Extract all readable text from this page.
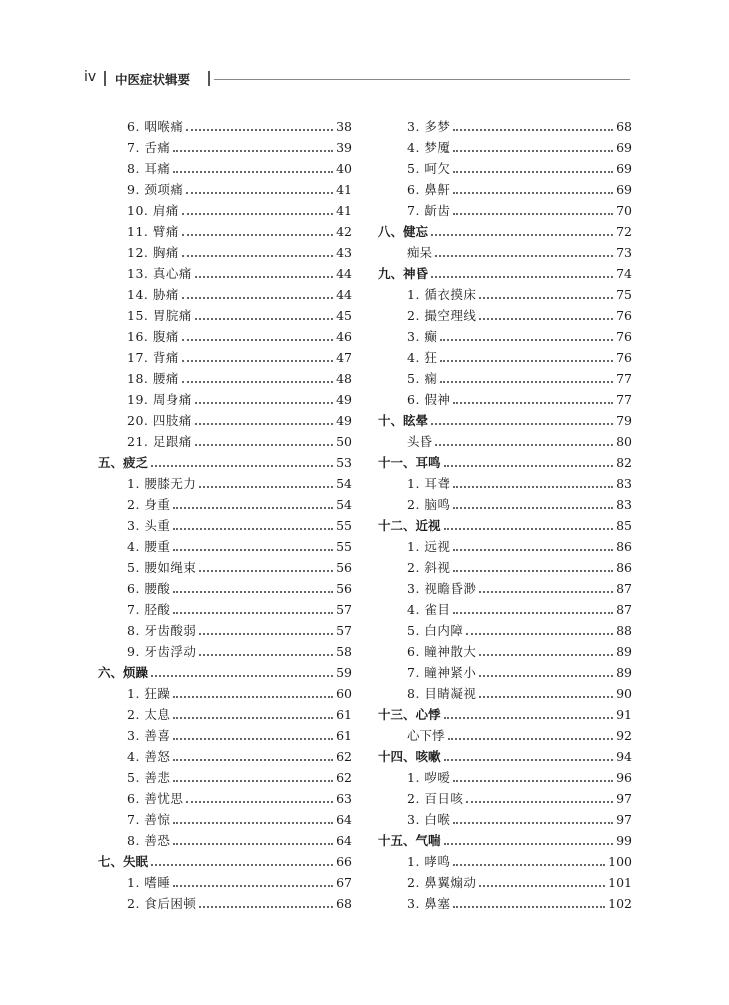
iv 中医症状辑要
6. 咽喉痛	38
7. 舌痛	39
8. 耳痛	40
9. 颈项痛	41
10. 肩痛	41
11. 臂痛	42
12. 胸痛	43
13. 真心痛	44
14. 胁痛	44
15. 胃脘痛	45
16. 腹痛	46
17. 背痛	47
18. 腰痛	48
19. 周身痛	49
20. 四肢痛	49
21. 足跟痛	50
五、疲乏	53
1. 腰膝无力	54
2. 身重	54
3. 头重	55
4. 腰重	55
5. 腰如绳束	56
6. 腰酸	56
7. 胫酸	57
8. 牙齿酸弱	57
9. 牙齿浮动	58
六、烦躁	59
1. 狂躁	60
2. 太息	61
3. 善喜	61
4. 善怒	62
5. 善悲	62
6. 善忧思	63
7. 善惊	64
8. 善恐	64
七、失眠	66
1. 嗜睡	67
2. 食后困顿	68
3. 多梦	68
4. 梦魇	69
5. 呵欠	69
6. 鼻鼾	69
7. 龂齿	70
八、健忘	72
痴呆	73
九、神昏	74
1. 循衣摸床	75
2. 撮空理线	76
3. 癫	76
4. 狂	76
5. 痫	77
6. 假神	77
十、眩晕	79
头昏	80
十一、耳鸣	82
1. 耳聋	83
2. 脑鸣	83
十二、近视	85
1. 远视	86
2. 斜视	86
3. 视瞻昏渺	87
4. 雀目	87
5. 白内障	88
6. 瞳神散大	89
7. 瞳神紧小	89
8. 目睛凝视	90
十三、心悸	91
心下悸	92
十四、咳嗽	94
1. 哕嗳	96
2. 百日咳	97
3. 白喉	97
十五、气喘	99
1. 哮鸣	100
2. 鼻翼煽动	101
3. 鼻塞	102
